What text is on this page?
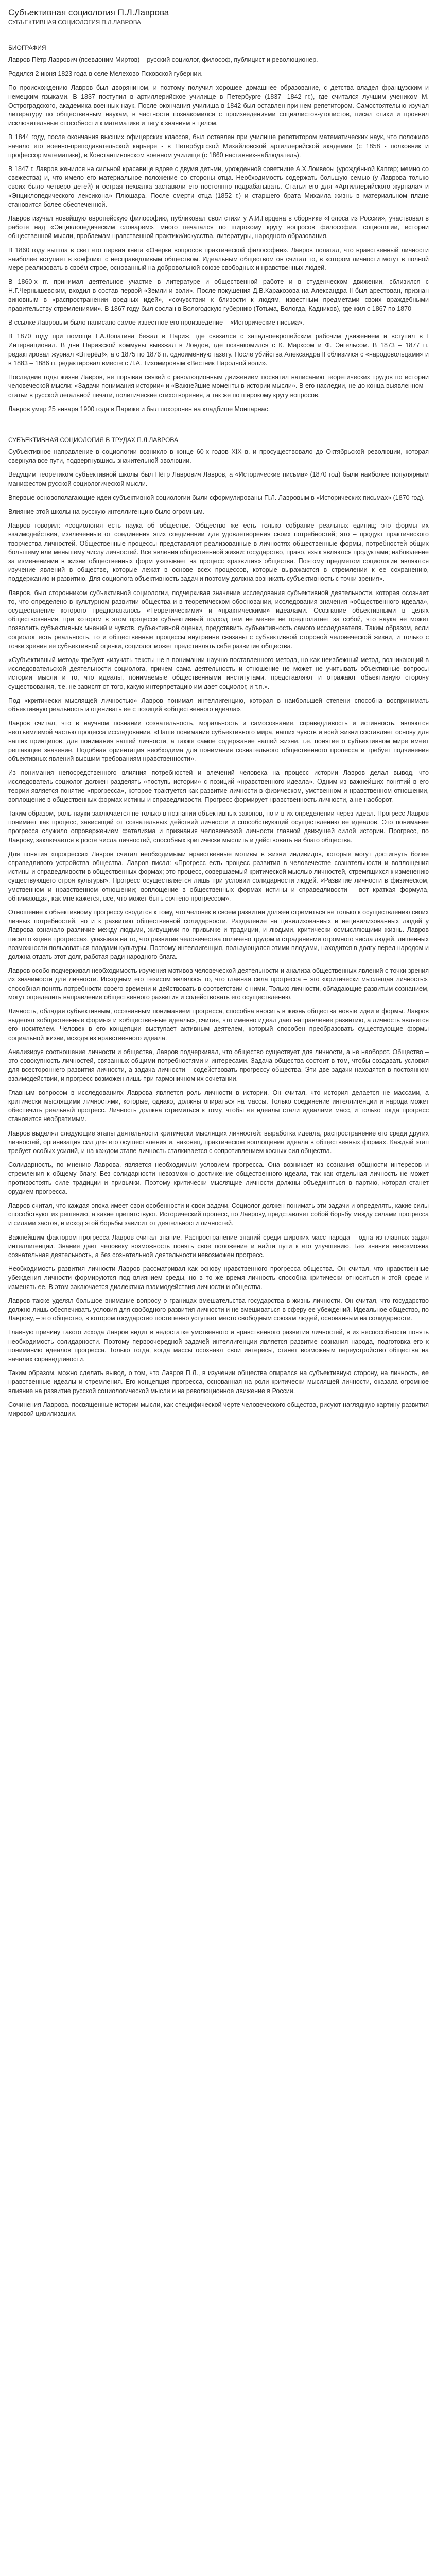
Субъективная социология П.Л.Лаврова
СУБЪЕКТИВНАЯ СОЦИОЛОГИЯ П.Л.ЛАВРОВА
БИОГРАФИЯ

Лавров Пётр Лаврович (псевдоним Миртов) – русский социолог, философ, публицист и революционер.

Родился 2 июня 1823 года в селе Мелехово Псковской губернии.

По происхождению Лавров был дворянином, и поэтому получил хорошее домашнее образование, с детства владел французским и немецким языками. В 1837 поступил в артиллерийское училище в Петербурге (1837 -1842 гг.), где считался лучшим учеником М. Остроградского, академика военных наук. После окончания училища в 1842 был оставлен при нем репетитором. Самостоятельно изучал литературу по общественным наукам, в частности познакомился с произведениями социалистов-утопистов, писал стихи и проявил исключительные способности к математике и тягу к знаниям в целом.

В 1844 году, после окончания высших офицерских классов, был оставлен при училище репетитором математических наук, что положило начало его военно-преподавательской карьере - в Петербургской Михайловской артиллерийской академии (с 1858 - полковник и профессор математики), в Константиновском военном училище (с 1860 наставник-наблюдатель).

В 1847 г. Лавров женился на сильной красавице вдове с двумя детьми, урожденной советнице А.Х.Лоивеоы (урождённой Капгер; мемно со свежества) и, что имело его материальное положение со стороны отца. Необходимость содержать большую семью (у Лаврова только своих было четверо детей) и острая нехватка заставили его постоянно подрабатывать. Статьи его для «Артиллерийского журнала» и «Энциклопедического лексикона» Плюшара. После смерти отца (1852 г.) и старшего брата Михаила жизнь в материальном плане становится более обеспеченной.

Лавров изучал новейшую европейскую философию, публиковал свои стихи у А.И.Герцена в сборнике «Голоса из России», участвовал в работе над «Энциклопедическим словарем», много печатался по широкому кругу вопросов философии, социологии, истории общественной мысли, проблемам нравственной практики/искусства, литературы, народного образования.

В 1860 году вышла в свет его первая книга «Очерки вопросов практической философии». Лавров полагал, что нравственный личности наиболее вступает в конфликт с несправедливым обществом. Идеальным обществом он считал то, в котором личности могут в полной мере реализовать в своём строе, основанный на добровольной союзе свободных и нравственных людей.

В 1860-х гг. принимал деятельное участие в литературе и общественной работе и в студенческом движении, сблизился с Н.Г.Чернышевским, входил в состав первой «Земли и воли». После покушения Д.В.Каракозова на Александра II был арестован, признан виновным в «распространении вредных идей», «сочувствии к близости к людям, известным предметами своих враждебными правительству стремлениями». В 1867 году был сослан в Вологодскую губернию (Тотьма, Вологда, Кадников), где жил с 1867 по 1870

В ссылке Лавровым было написано самое известное его произведение – «Исторические письма».

В 1870 году при помощи Г.А.Лопатина бежал в Париж, где связался с западноевропейским рабочим движением и вступил в I Интернационал. В дни Парижской коммуны выезжал в Лондон, где познакомился с К. Марксом и Ф. Энгельсом. В 1873 – 1877 гг. редактировал журнал «Вперёд!», а с 1875 по 1876 гг. одноимённую газету. После убийства Александра II сблизился с «народовольцами» и в 1883 – 1886 гг. редактировал вместе с Л.А. Тихомировым «Вестник Народной воли».

Последние годы жизни Лавров, не порывая связей с революционным движением посвятил написанию теоретических трудов по истории человеческой мысли: «Задачи понимания истории» и «Важнейшие моменты в истории мысли». В его наследии, не до конца выявленном – статьи в русской легальной печати, политические стихотворения, а так же по широкому кругу вопросов.

Лавров умер 25 января 1900 года в Париже и был похоронен на кладбище Монпарнас.

СУБЪЕКТИВНАЯ СОЦИОЛОГИЯ В ТРУДАХ П.Л.ЛАВРОВА

Субъективное направление в социологии возникло в конце 60-х годов XIX в. и просуществовало до Октябрьской революции, которая свернула все пути, подвергнувшись значительной эволюции.

Ведущим теоретиком субъективной школы был Пётр Лаврович Лавров, а «Исторические письма» (1870 год) были наиболее популярным манифестом русской социологической мысли.

Впервые основополагающие идеи субъективной социологии были сформулированы П.Л. Лавровым в «Исторических письмах» (1870 год).

Влияние этой школы на русскую интеллигенцию было огромным.

Лавров говорил: «социология есть наука об обществе. Общество же есть только собрание реальных единиц; это формы их взаимодействия, извлеченные от соединения этих соединении для удовлетворения своих потребностей; это – продукт практического творчества личностей. Общественные процессы представляют реализованные в личностях общественные формы, потребностей общих большему или меньшему числу личностей. Все явления общественной жизни: государство, право, язык являются продуктами; наблюдение за изменениями в жизни общественных форм указывает на процесс «развития» общества. Поэтому предметом социологии являются изучение явлений в обществе, которые лежат в основе всех процессов, которые выражаются в стремлении к ее сохранению, поддержанию и развитию. Для социолога объективность задач и поэтому должна возникать субъективность с точки зрения».

Лавров, был сторонником субъективной социологии, подчеркивая значение исследования субъективной деятельности, которая осознает то, что определено в культурном развитии общества и в теоретическом обосновании, исследования значения «общественного идеала», осуществление которого предполагалось «Теоретическими» и «практическими» идеалами. Осознание объективными в целях обществознания, при котором в этом процессе субъективный подход тем не менее не предполагает за собой, что наука не может позволить субъективных мнений и чувств, субъективной оценки, представить субъективность самого исследователя. Таким образом, если социолог есть реальность, то и общественные процессы внутренне связаны с субъективной стороной человеческой жизни, и только с точки зрения ее субъективной оценки, социолог может представлять себе развитие общества.

«Субъективный метод» требует «изучать тексты не в понимании научно поставленного метода, но как неизбежный метод, возникающий в исследовательской деятельности социолога, причем сама деятельность и отношение не может не учитывать объективные вопросы истории мысли и то, что идеалы, понимаемые общественными институтами, представляют и отражают объективную сторону существования, т.е. не зависят от того, какую интерпретацию им дает социолог, и т.п.».

Под «критически мыслящей личностью» Лавров понимал интеллигенцию, которая в наибольшей степени способна воспринимать объективную реальность и оценивать ее с позиций «общественного идеала».

Лавров считал, что в научном познании сознательность, моральность и самосознание, справедливость и истинность, являются неотъемлемой частью процесса исследования. «Наше понимание субъективного мира, наших чувств и всей жизни составляет основу для наших принципов, для понимания нашей личности, а также самое содержание нашей жизни, т.е. понятие о субъективном мире имеет решающее значение. Подобная ориентация необходима для понимания сознательного общественного процесса и требует подчинения объективных явлений высшим требованиям нравственности».

Из понимания непосредственного влияния потребностей и влечений человека на процесс истории Лавров делал вывод, что исследователь-социолог должен разделять «поступь истории» с позиций «нравственного идеала». Одним из важнейших понятий в его теории является понятие «прогресса», которое трактуется как развитие личности в физическом, умственном и нравственном отношении, воплощение в общественных формах истины и справедливости. Прогресс формирует нравственность личности, а не наоборот.

Таким образом, роль науки заключается не только в познании объективных законов, но и в их определении через идеал. Прогресс Лавров понимает как процесс, зависящий от сознательных действий личности и способствующий осуществлению ее идеалов. Это понимание прогресса служило опровержением фатализма и признания человеческой личности главной движущей силой истории. Прогресс, по Лаврову, заключается в росте числа личностей, способных критически мыслить и действовать на благо общества.

Для понятия «прогресса» Лавров считал необходимыми нравственные мотивы в жизни индивидов, которые могут достигнуть более справедливого устройства общества. Лавров писал: «Прогресс есть процесс развития в человечестве сознательности и воплощения истины и справедливости в общественных формах; это процесс, совершаемый критической мыслью личностей, стремящихся к изменению существующего строя культуры». Прогресс осуществляется лишь при условии солидарности людей. «Развитие личности в физическом, умственном и нравственном отношении; воплощение в общественных формах истины и справедливости – вот краткая формула, обнимающая, как мне кажется, все, что может быть сочтено прогрессом».

Отношение к объективному прогрессу сводится к тому, что человек в своем развитии должен стремиться не только к осуществлению своих личных потребностей, но и к развитию общественной солидарности. Разделение на цивилизованных и нецивилизованных людей у Лаврова означало различие между людьми, живущими по привычке и традиции, и людьми, критически осмысляющими жизнь. Лавров писал о «цене прогресса», указывая на то, что развитие человечества оплачено трудом и страданиями огромного числа людей, лишенных возможности пользоваться плодами культуры. Поэтому интеллигенция, пользующаяся этими плодами, находится в долгу перед народом и должна отдать этот долг, работая ради народного блага.

Лавров особо подчеркивал необходимость изучения мотивов человеческой деятельности и анализа общественных явлений с точки зрения их значимости для личности. Исходным его тезисом являлось то, что главная сила прогресса – это «критически мыслящая личность», способная понять потребности своего времени и действовать в соответствии с ними. Только личности, обладающие развитым сознанием, могут определить направление общественного развития и содействовать его осуществлению.

Личность, обладая субъективным, осознанным пониманием прогресса, способна вносить в жизнь общества новые идеи и формы. Лавров выделял «общественные формы» и «общественные идеалы», считая, что именно идеал дает направление развитию, а личность является его носителем. Человек в его концепции выступает активным деятелем, который способен преобразовать существующие формы социальной жизни, исходя из нравственного идеала.

Анализируя соотношение личности и общества, Лавров подчеркивал, что общество существует для личности, а не наоборот. Общество – это совокупность личностей, связанных общими потребностями и интересами. Задача общества состоит в том, чтобы создавать условия для всестороннего развития личности, а задача личности – содействовать прогрессу общества. Эти две задачи находятся в постоянном взаимодействии, и прогресс возможен лишь при гармоничном их сочетании.

Главным вопросом в исследованиях Лаврова является роль личности в истории. Он считал, что история делается не массами, а критически мыслящими личностями, которые, однако, должны опираться на массы. Только соединение интеллигенции и народа может обеспечить реальный прогресс. Личность должна стремиться к тому, чтобы ее идеалы стали идеалами масс, и только тогда прогресс становится необратимым.

Лавров выделял следующие этапы деятельности критически мыслящих личностей: выработка идеала, распространение его среди других личностей, организация сил для его осуществления и, наконец, практическое воплощение идеала в общественных формах. Каждый этап требует особых усилий, и на каждом этапе личность сталкивается с сопротивлением косных сил общества.

Солидарность, по мнению Лаврова, является необходимым условием прогресса. Она возникает из сознания общности интересов и стремления к общему благу. Без солидарности невозможно достижение общественного идеала, так как отдельная личность не может противостоять силе традиции и привычки. Поэтому критически мыслящие личности должны объединяться в партию, которая станет орудием прогресса.

Лавров считал, что каждая эпоха имеет свои особенности и свои задачи. Социолог должен понимать эти задачи и определять, какие силы способствуют их решению, а какие препятствуют. Исторический процесс, по Лаврову, представляет собой борьбу между силами прогресса и силами застоя, и исход этой борьбы зависит от деятельности личностей.

Важнейшим фактором прогресса Лавров считал знание. Распространение знаний среди широких масс народа – одна из главных задач интеллигенции. Знание дает человеку возможность понять свое положение и найти пути к его улучшению. Без знания невозможна сознательная деятельность, а без сознательной деятельности невозможен прогресс.

Необходимость развития личности Лавров рассматривал как основу нравственного прогресса общества. Он считал, что нравственные убеждения личности формируются под влиянием среды, но в то же время личность способна критически относиться к этой среде и изменять ее. В этом заключается диалектика взаимодействия личности и общества.

Лавров также уделял большое внимание вопросу о границах вмешательства государства в жизнь личности. Он считал, что государство должно лишь обеспечивать условия для свободного развития личности и не вмешиваться в сферу ее убеждений. Идеальное общество, по Лаврову, – это общество, в котором государство постепенно уступает место свободным союзам людей, основанным на солидарности.

Главную причину такого исхода Лавров видит в недостатке умственного и нравственного развития личностей, в их неспособности понять необходимость солидарности. Поэтому первоочередной задачей интеллигенции является развитие сознания народа, подготовка его к пониманию идеалов прогресса. Только тогда, когда массы осознают свои интересы, станет возможным переустройство общества на началах справедливости.

Таким образом, можно сделать вывод, о том, что Лавров П.Л., в изучении общества опирался на субъективную сторону, на личность, ее нравственные идеалы и стремления. Его концепция прогресса, основанная на роли критически мыслящей личности, оказала огромное влияние на развитие русской социологической мысли и на революционное движение в России.

Сочинения Лаврова, посвященные истории мысли, как специфической черте человеческого общества, рисуют наглядную картину развития мировой цивилизации.
